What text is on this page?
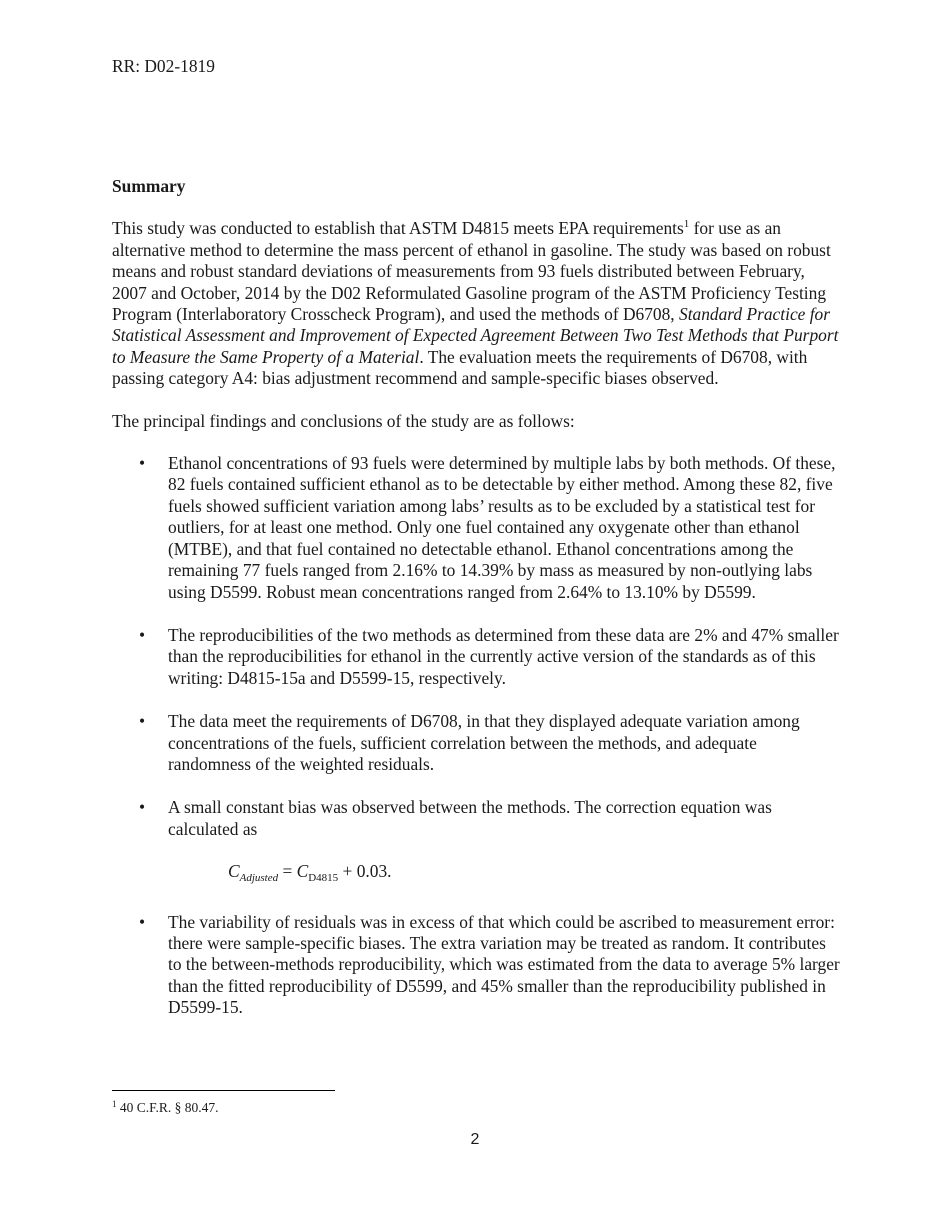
RR: D02-1819

Summary

This study was conducted to establish that ASTM D4815 meets EPA requirements$^1$ for use as an alternative method to determine the mass percent of ethanol in gasoline. The study was based on robust means and robust standard deviations of measurements from 93 fuels distributed between February, 2007 and October, 2014 by the D02 Reformulated Gasoline program of the ASTM Proficiency Testing Program (Interlaboratory Crosscheck Program), and used the methods of D6708, Standard Practice for Statistical Assessment and Improvement of Expected Agreement Between Two Test Methods that Purport to Measure the Same Property of a Material. The evaluation meets the requirements of D6708, with passing category A4: bias adjustment recommend and sample-specific biases observed.

The principal findings and conclusions of the study are as follows:

• Ethanol concentrations of 93 fuels were determined by multiple labs by both methods. Of these, 82 fuels contained sufficient ethanol as to be detectable by either method. Among these 82, five fuels showed sufficient variation among labs’ results as to be excluded by a statistical test for outliers, for at least one method. Only one fuel contained any oxygenate other than ethanol (MTBE), and that fuel contained no detectable ethanol. Ethanol concentrations among the remaining 77 fuels ranged from 2.16% to 14.39% by mass as measured by non-outlying labs using D5599. Robust mean concentrations ranged from 2.64% to 13.10% by D5599.
• The reproducibilities of the two methods as determined from these data are 2% and 47% smaller than the reproducibilities for ethanol in the currently active version of the standards as of this writing: D4815-15a and D5599-15, respectively.
• The data meet the requirements of D6708, in that they displayed adequate variation among concentrations of the fuels, sufficient correlation between the methods, and adequate randomness of the weighted residuals.
• A small constant bias was observed between the methods. The correction equation was calculated as
$C_{Adjusted} = C_{D4815} + 0.03$.
• The variability of residuals was in excess of that which could be ascribed to measurement error: there were sample-specific biases. The extra variation may be treated as random. It contributes to the between-methods reproducibility, which was estimated from the data to average 5% larger than the fitted reproducibility of D5599, and 45% smaller than the reproducibility published in D5599-15.
$^1$ 40 C.F.R. § 80.47.
2
